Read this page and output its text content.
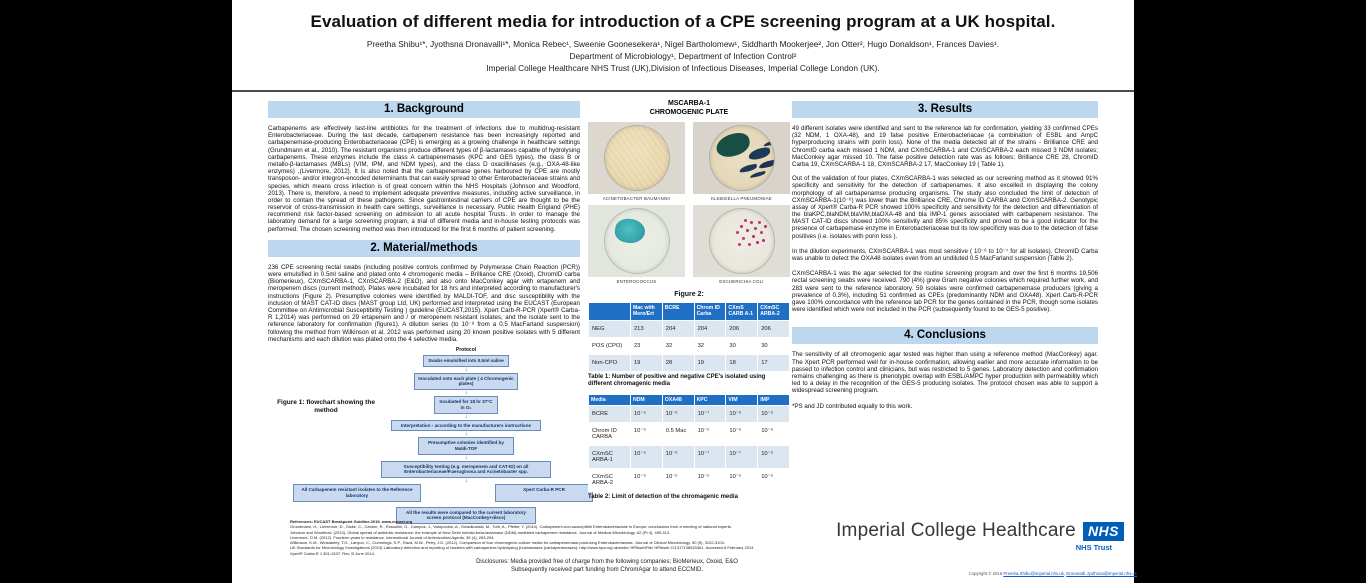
Evaluation of different media for introduction of a CPE screening program at a UK hospital.
Preetha Shibu¹*, Jyothsna Dronavalli¹*, Monica Rebec¹, Sweenie Goonesekera¹, Nigel Bartholomew¹, Siddharth Mookerjee², Jon Otter², Hugo Donaldson¹, Frances Davies¹.
Department of Microbiology¹, Department of Infection Control²
Imperial College Healthcare NHS Trust (UK),Division of Infectious Diseases, Imperial College London (UK).
1. Background
Carbapenems are effectively last-line antibiotics for the treatment of infections due to multidrug-resistant Enterobacteriaceae. During the last decade, carbapenem resistance has been increasingly reported and carbapenemase-producing Enterobacteriaceae (CPE) is emerging as a growing challenge in healthcare settings (Grundmann et al., 2010). The resistant organisms produce different types of β-lactamases capable of hydrolysing carbapenems. These enzymes include the class A carbapenemases (KPC and GES types), the class B or metallo-β-lactamases (MBLs) (VIM, IPM, and NDM types), and the class D oxacillinases (e.g., OXA-48-like enzymes) ,(Livermore, 2012). It is also noted that the carbapenemase genes harboured by CPE are mostly transposon- and/or integron-encoded determinants that can easily spread to other Enterobacteriaceae strains and species, which means cross infection is of great concern within the NHS Hospitals (Johnson and Woodford, 2013). There is, therefore, a need to implement adequate preventive measures, including active surveillance, in order to contain the spread of these pathogens. Since gastrointestinal carriers of CPE are thought to be the reservoir of cross-transmission in health care settings, surveillance is necessary. Public Health England (PHE) recommend risk factor-based screening on admission to all acute hospital Trusts. In order to manage the laboratory demand for a large screening program, a trial of different media and in-house testing protocols was performed. The chosen screening method was then introduced for the first 6 months of patient screening.
2. Material/methods
236 CPE screening rectal swabs (including positive controls confirmed by Polymerase Chain Reaction (PCR)) were emulsified in 0.5ml saline and plated onto 4 chromogenic media – Brilliance CRE (Oxoid), ChromID carba (Biomerieux), CXmSCARBA-1, CXnSCARBA-2 (E&O), and also onto MacConkey agar with ertapenem and meropenem discs (current method). Plates were incubated for 18 hrs and interpreted according to manufacturer's instructions (Figure 2). Presumptive colonies were identified by MALDI-TOF, and disc susceptibility with the inclusion of MAST CAT-ID discs (MAST group Ltd, UK) performed and interpreted using the EUCAST (European Committee on Antimicrobial Susceptibility Testing ) guideline (EUCAST,2015). Xpert Carb-R-PCR (Xpert® Carba-R 1,2014) was performed on 29 ertapenem and / or meropenem resistant isolates, and the isolate sent to the reference laboratory for confirmation (figure1). A dilution series (to 10⁻⁸ from a 0.5 MacFarland suspension) following the method from Wilkinson et al. 2012 was performed using 20 known positive isolates with 5 different mechanisms and each dilution was plated onto the 4 selective media.
Protocol
Figure 1: flowchart showing the method
Swabs emulsified into 0.5ml saline
↓
Inoculated onto each plate ( 4 Chromogenic plates)
↓
Incubated for 18 hr 37°C in O₂
↓
Interpretation - according to the manufacturers instructions
↓
Presumptive colonies identified by Maldi-TOF
↓
Susceptibility testing (e.g. meropenem and CAT-ID) on all Enterobacteriaceae/P.aeruginosa and Acinetobacter spp.
↓
All Carbapenem resistant isolates to the Reference laboratory
Xpert Carba-R PCR
All the results were compared to the current laboratory screen protocol (MacConkey+discs)
MSCARBA-1
CHROMOGENIC PLATE
ACINETOBACTER BAUMANNII	KLEBSIELLA PNEUMONIAE
ENTEROCOCCUS	ESCHERICHIA COLI
Figure 2:
	Mac with Mero/Ert	BCRE	Chrom ID Carba	CXmS CARB A-1	CXmSC ARBA-2
NEG	213	204	204	206	206
POS (CPO)	23	32	32	30	30
Non-CPO	19	28	19	18	17
Table 1: Number of positive and negative CPE's isolated using different chromagenic media
Media	NDM	OXA48	KPC	VIM	IMP
BCRE	10⁻⁶	10⁻⁶	10⁻⁷	10⁻⁶	10⁻⁶
Chrom ID CARBA	10⁻⁶	0.5 Mac	10⁻⁵	10⁻⁶	10⁻⁶
CXmSC ARBA-1	10⁻⁶	10⁻⁶	10⁻⁷	10⁻⁷	10⁻⁶
CXmSC ARBA-2	10⁻⁶	10⁻⁵	10⁻⁵	10⁻⁵	10⁻⁵
Table 2: Limit of detection of the chromagenic media
3. Results
49 different isolates were identified and sent to the reference lab for confirmation, yielding 33 confirmed CPEs (32 NDM, 1 OXA-48), and 19 false positive Enterobacteriacae (a combination of ESBL and AmpC hyperproducing strains with porin loss). None of the media detected all of the strains - Brilliance CRE and ChromID carba each missed 1 NDM, and CXmSCARBA-1 and CXnSCARBA-2 each missed 3 NDM isolates; MacConkey agar missed 10. The false positive detection rate was as follows: Brilliance CRE 28, ChromID Carba 19, CXmSCARBA-1 18, CXmSCARBA-2 17, MacConkey 19 ( Table 1).
Out of the validation of four plates, CXmSCARBA-1 was selected as our screening method as it showed 91% specificity and sensitivity for the detection of carbapenames. It also excelled in displaying the colony morphology of all carbapenamse producing organisms. The study also concluded the limit of detection of CXmSCARBA-1(10⁻⁶) was lower than the Brilliance CRE, Chrome ID CARBA and CXmSCARBA-2. Genotypic assay of Xpert® Carba-R PCR showed 100% specificity and sensitivity for the detection and differentiation of the blaKPC,blaNDM,blaVIM,blaOXA-48 and bla IMP-1 genes associated with carbapenem resistance. The MAST CAT-ID discs showed 100% sensitivity and 85% specificity and proved to be a good indicator for the presence of carbapemase enzyme in Enterobacteriaceae but its low specificity was due to the detection of false positives (i.e. isolates with porin loss ).
In the dilution experiments, CXmSCARBA-1 was most sensitive ( 10⁻⁶ to 10⁻⁷ for all isolates). ChromID Carba was unable to detect the OXA48 isolates even from an undiluted 0.5 MacFarland suspension (Table 2).
CXmSCARBA-1 was the agar selected for the routine screening program and over the first 6 months 19,506 rectal screening swabs were received. 790 (4%) grew Gram negative colonies which required further work, and 283 were sent to the reference laboratory. 59 isolates were confirmed carbapenemase producers (giving a prevalence of 0.3%), including 51 confirmed as CPEs (predominantly NDM and OXA48). Xpert Carb-R-PCR gave 100% concordance with the reference lab PCR for the genes contained in the PCR, though some isolates were identified which were not included in the PCR (subsequently found to be GES-5 positive).
4. Conclusions
The sensitivity of all chromogenic agar tested was higher than using a reference method (MacConkey) agar. The Xpert PCR performed well for in-house confirmation, allowing earlier and more accurate information to be passed to infection control and clinicians, but was restricted to 5 genes. Laboratory detection and confirmation remains challenging as there is phenotypic overlap with ESBL/AMPC hyper production with permeability which led to a delay in the recognition of the GES-5 producing isolates. The protocol chosen was able to support a widespread screening program.
*PS and JD contributed equally to this work.
References: EUCAST Breakpoint Guidline.2015. www.eucast.org
Grundmann, H., Livermore, D., Giske, C., Canton, R., Rossolini, G., Campos, J., Vatopoulos, A., Gniadkowski, M., Toth, A., Pfeifer, Y. (2010). Carbapenem-non-susceptible Enterobacteriaceae in Europe: conclusions from a meeting of national experts.
Johnson and Woodford, (2013). Global spread of antibiotic resistance: the example of New Delhi metallo-beta-lactamase (NDM)-mediated carbapenem resistance. Journal of Medical Microbiology. 62 (Pt 4), 499-513.
Livermore, D.M. (2012). Fourteen years in resistance. International Journal of Antimicrobial Agents. 39 (4), 283-294.
Wilkinson, K.M., Winstanley, T.G., Lanyon, C., Cummings, S.P., Raza, M.W., Perry, J.D. (2012). Comparison of four chromogenic culture media for carbapenemase-producing Enterobacteriaceae. Journal of Clinical Microbiology. 50 (9), 3102-3104.
UK Standards for Microbiology Investigations (2013) Laboratory detection and reporting of bacteria with carbapenem-hydrolysing β-lactamases (carbapenemases); http://www.hpa.org.uk/webc/ HPAwebFile/ HPAweb C/1317138520461. Accessed 8 February 2014.
Xpert® Carba-R 1 301-2437. Rev. B June 2014.
Disclosures: Media provided free of charge from the following companies; BioMerieux, Oxoid, E&O
Subsequently received part funding from ChromAgar to attend ECCMID.
Imperial College Healthcare NHS
NHS Trust
Copyright © 2016 Preetha.Shibu@imperial.nhs.uk, Dronavalli.Jyothsna@imperial.nhs.uk
